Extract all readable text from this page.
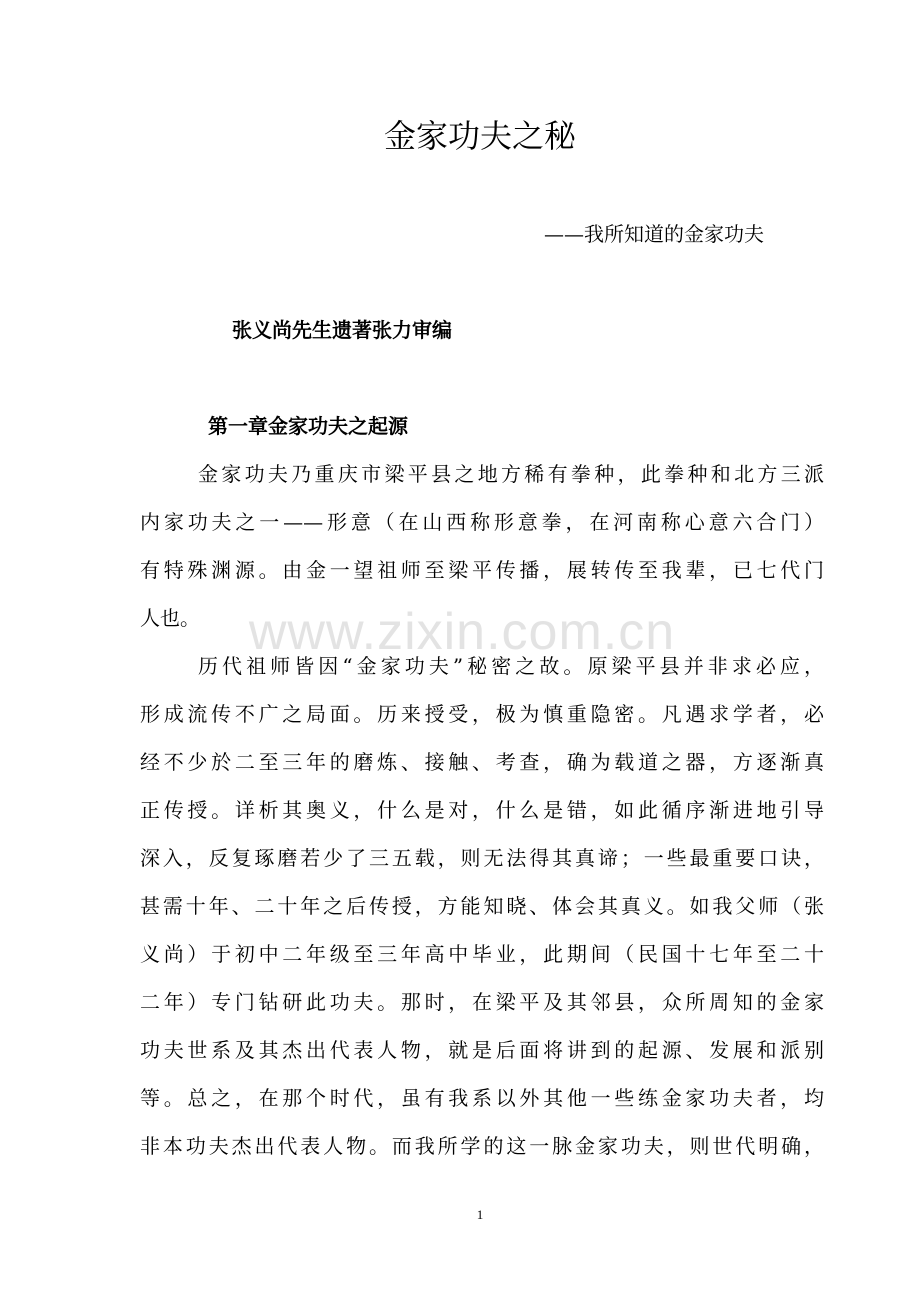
金家功夫之秘
——我所知道的金家功夫
张义尚先生遗著张力审编
第一章金家功夫之起源
金家功夫乃重庆市梁平县之地方稀有拳种，此拳种和北方三派
内家功夫之一——形意（在山西称形意拳，在河南称心意六合门）
有特殊渊源。由金一望祖师至梁平传播，展转传至我辈，已七代门
人也。
历代祖师皆因“金家功夫”秘密之故。原梁平县并非求必应，
形成流传不广之局面。历来授受，极为慎重隐密。凡遇求学者，必
经不少於二至三年的磨炼、接触、考查，确为载道之器，方逐渐真
正传授。详析其奥义，什么是对，什么是错，如此循序渐进地引导
深入，反复琢磨若少了三五载，则无法得其真谛；一些最重要口诀，
甚需十年、二十年之后传授，方能知晓、体会其真义。如我父师（张
义尚）于初中二年级至三年高中毕业，此期间（民国十七年至二十
二年）专门钻研此功夫。那时，在梁平及其邻县，众所周知的金家
功夫世系及其杰出代表人物，就是后面将讲到的起源、发展和派别
等。总之，在那个时代，虽有我系以外其他一些练金家功夫者，均
非本功夫杰出代表人物。而我所学的这一脉金家功夫，则世代明确，
www.zixin.com.cn
1
